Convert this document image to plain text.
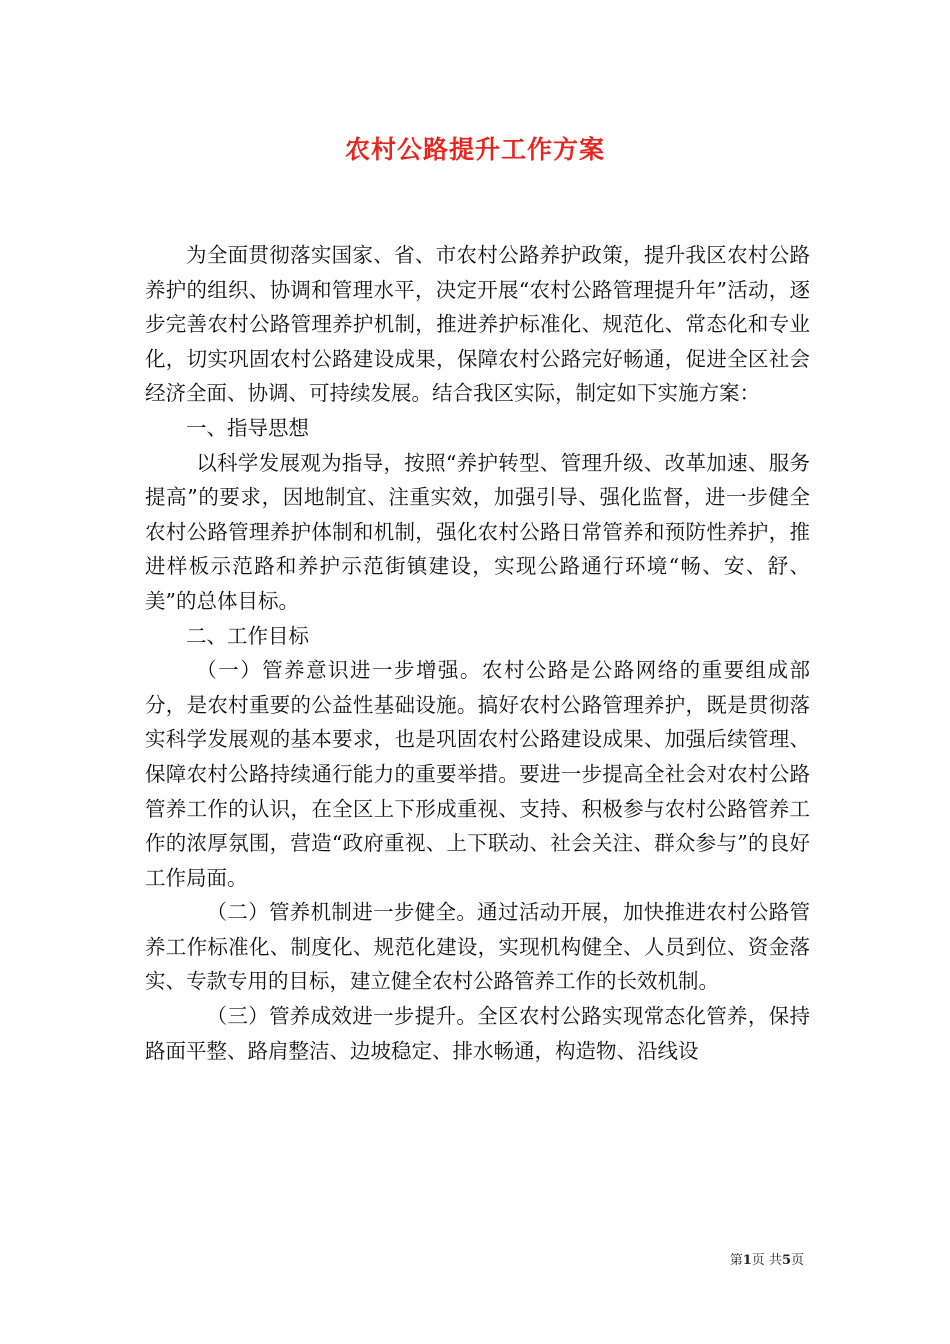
农村公路提升工作方案

为全面贯彻落实国家、省、市农村公路养护政策，提升我区农村公路养护的组织、协调和管理水平，决定开展“农村公路管理提升年”活动，逐步完善农村公路管理养护机制，推进养护标准化、规范化、常态化和专业化，切实巩固农村公路建设成果，保障农村公路完好畅通，促进全区社会经济全面、协调、可持续发展。结合我区实际，制定如下实施方案：

一、指导思想

以科学发展观为指导，按照“养护转型、管理升级、改革加速、服务提高”的要求，因地制宜、注重实效，加强引导、强化监督，进一步健全农村公路管理养护体制和机制，强化农村公路日常管养和预防性养护，推进样板示范路和养护示范街镇建设，实现公路通行环境“畅、安、舒、美”的总体目标。

二、工作目标

（一）管养意识进一步增强。农村公路是公路网络的重要组成部分，是农村重要的公益性基础设施。搞好农村公路管理养护，既是贯彻落实科学发展观的基本要求，也是巩固农村公路建设成果、加强后续管理、保障农村公路持续通行能力的重要举措。要进一步提高全社会对农村公路管养工作的认识，在全区上下形成重视、支持、积极参与农村公路管养工作的浓厚氛围，营造“政府重视、上下联动、社会关注、群众参与”的良好工作局面。

（二）管养机制进一步健全。通过活动开展，加快推进农村公路管养工作标准化、制度化、规范化建设，实现机构健全、人员到位、资金落实、专款专用的目标，建立健全农村公路管养工作的长效机制。

（三）管养成效进一步提升。全区农村公路实现常态化管养，保持路面平整、路肩整洁、边坡稳定、排水畅通，构造物、沿线设

第1页 共5页
